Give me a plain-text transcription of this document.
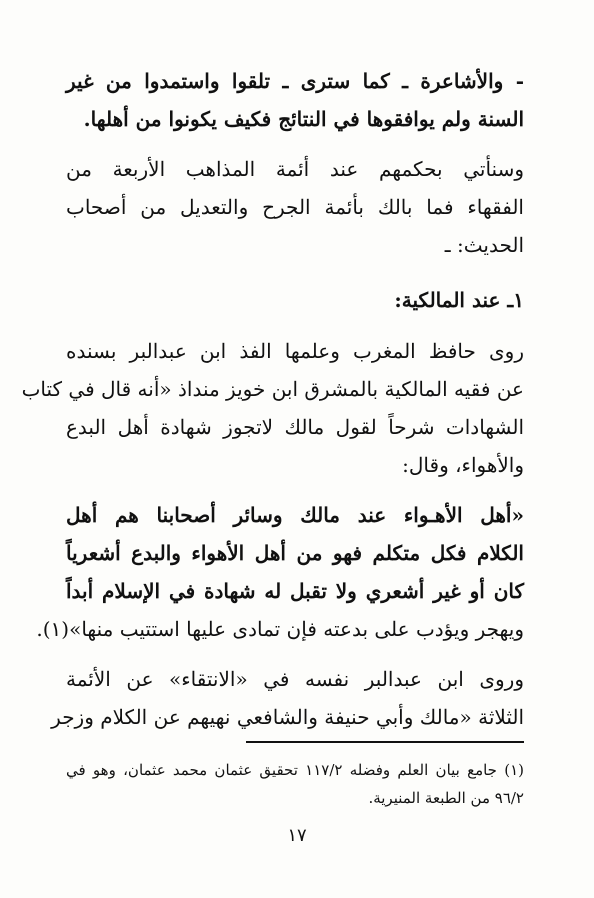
- والأشاعرة ـ كما سترى ـ تلقوا واستمدوا من غير
السنة ولم يوافقوها في النتائج فكيف يكونوا من أهلها.
وسنأتي بحكمهم عند أئمة المذاهب الأربعة من
الفقهاء فما بالك بأئمة الجرح والتعديل من أصحاب
الحديث: ـ
١ـ عند المالكية:
روى حافظ المغرب وعلمها الفذ ابن عبدالبر بسنده
عن فقيه المالكية بالمشرق ابن خويز منداذ «أنه قال في كتاب
الشهادات شرحاً لقول مالك لاتجوز شهادة أهل البدع
والأهواء، وقال:
«أهل الأهـواء عند مالك وسائر أصحابنا هم أهل
الكلام فكل متكلم فهو من أهل الأهواء والبدع أشعرياً
كان أو غير أشعري ولا تقبل له شهادة في الإسلام أبداً
ويهجر ويؤدب على بدعته فإن تمادى عليها استتيب منها»(١).
وروى ابن عبدالبر نفسه في «الانتقاء» عن الأئمة
الثلاثة «مالك وأبي حنيفة والشافعي نهيهم عن الكلام وزجر
(١) جامع بيان العلم وفضله ١١٧/٢ تحقيق عثمان محمد عثمان، وهو في
٩٦/٢ من الطبعة المنيرية.
١٧
